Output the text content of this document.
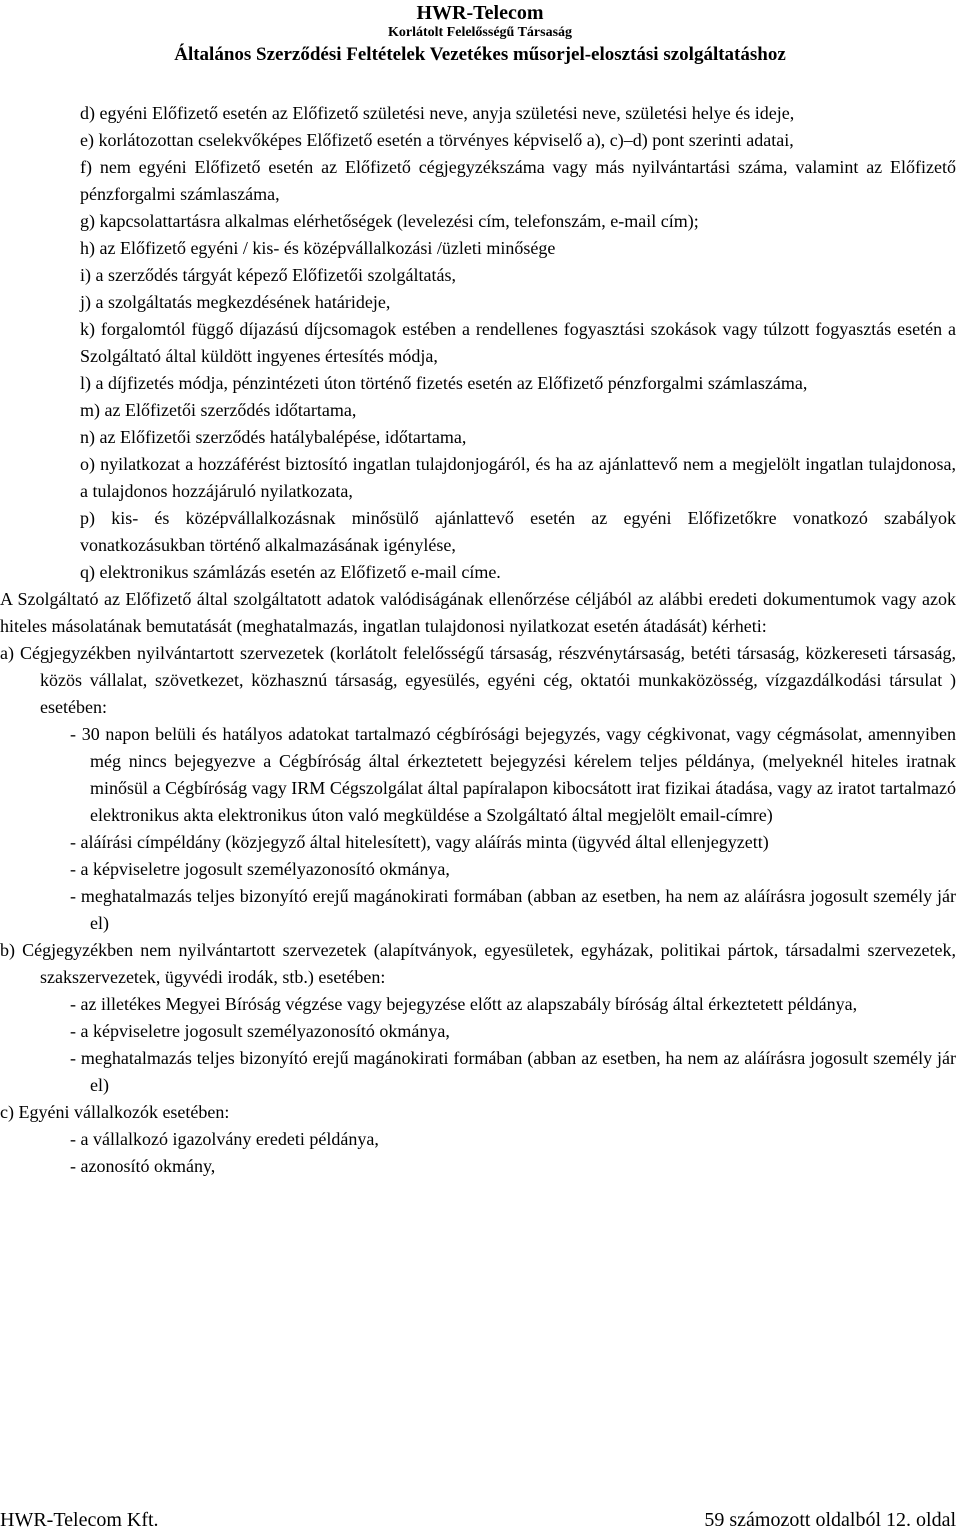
HWR-Telecom
Korlátolt Felelősségű Társaság
Általános Szerződési Feltételek Vezetékes műsorjel-elosztási szolgáltatáshoz

d) egyéni Előfizető esetén az Előfizető születési neve, anyja születési neve, születési helye és ideje,

e) korlátozottan cselekvőképes Előfizető esetén a törvényes képviselő a), c)–d) pont szerinti adatai,

f) nem egyéni Előfizető esetén az Előfizető cégjegyzékszáma vagy más nyilvántartási száma, valamint az Előfizető pénzforgalmi számlaszáma,

g) kapcsolattartásra alkalmas elérhetőségek (levelezési cím, telefonszám, e-mail cím);

h) az Előfizető egyéni / kis- és középvállalkozási /üzleti minősége

i) a szerződés tárgyát képező Előfizetői szolgáltatás,

j) a szolgáltatás megkezdésének határideje,

k) forgalomtól függő díjazású díjcsomagok estében a rendellenes fogyasztási szokások vagy túlzott fogyasztás esetén a Szolgáltató által küldött ingyenes értesítés módja,

l) a díjfizetés módja, pénzintézeti úton történő fizetés esetén az Előfizető pénzforgalmi számlaszáma,

m) az Előfizetői szerződés időtartama,

n) az Előfizetői szerződés hatálybalépése, időtartama,

o) nyilatkozat a hozzáférést biztosító ingatlan tulajdonjogáról, és ha az ajánlattevő nem a megjelölt ingatlan tulajdonosa, a tulajdonos hozzájáruló nyilatkozata,

p) kis- és középvállalkozásnak minősülő ajánlattevő esetén az egyéni Előfizetőkre vonatkozó szabályok vonatkozásukban történő alkalmazásának igénylése,

q) elektronikus számlázás esetén az Előfizető e-mail címe.

A Szolgáltató az Előfizető által szolgáltatott adatok valódiságának ellenőrzése céljából az alábbi eredeti dokumentumok vagy azok hiteles másolatának bemutatását (meghatalmazás, ingatlan tulajdonosi nyilatkozat esetén átadását) kérheti:

a) Cégjegyzékben nyilvántartott szervezetek (korlátolt felelősségű társaság, részvénytársaság, betéti társaság, közkereseti társaság, közös vállalat, szövetkezet, közhasznú társaság, egyesülés, egyéni cég, oktatói munkaközösség, vízgazdálkodási társulat ) esetében:

- 30 napon belüli és hatályos adatokat tartalmazó cégbírósági bejegyzés, vagy cégkivonat, vagy cégmásolat, amennyiben még nincs bejegyezve a Cégbíróság által érkeztetett bejegyzési kérelem teljes példánya, (melyeknél hiteles iratnak minősül a Cégbíróság vagy IRM Cégszolgálat által papíralapon kibocsátott irat fizikai átadása, vagy az iratot tartalmazó elektronikus akta elektronikus úton való megküldése a Szolgáltató által megjelölt email-címre)

- aláírási címpéldány (közjegyző által hitelesített), vagy aláírás minta (ügyvéd által ellenjegyzett)

- a képviseletre jogosult személyazonosító okmánya,

- meghatalmazás teljes bizonyító erejű magánokirati formában (abban az esetben, ha nem az aláírásra jogosult személy jár el)

b) Cégjegyzékben nem nyilvántartott szervezetek (alapítványok, egyesületek, egyházak, politikai pártok, társadalmi szervezetek, szakszervezetek, ügyvédi irodák, stb.) esetében:

- az illetékes Megyei Bíróság végzése vagy bejegyzése előtt az alapszabály bíróság által érkeztetett példánya,

- a képviseletre jogosult személyazonosító okmánya,

- meghatalmazás teljes bizonyító erejű magánokirati formában (abban az esetben, ha nem az aláírásra jogosult személy jár el)

c) Egyéni vállalkozók esetében:

- a vállalkozó igazolvány eredeti példánya,

- azonosító okmány,

HWR-Telecom Kft.	59 számozott oldalból 12. oldal
